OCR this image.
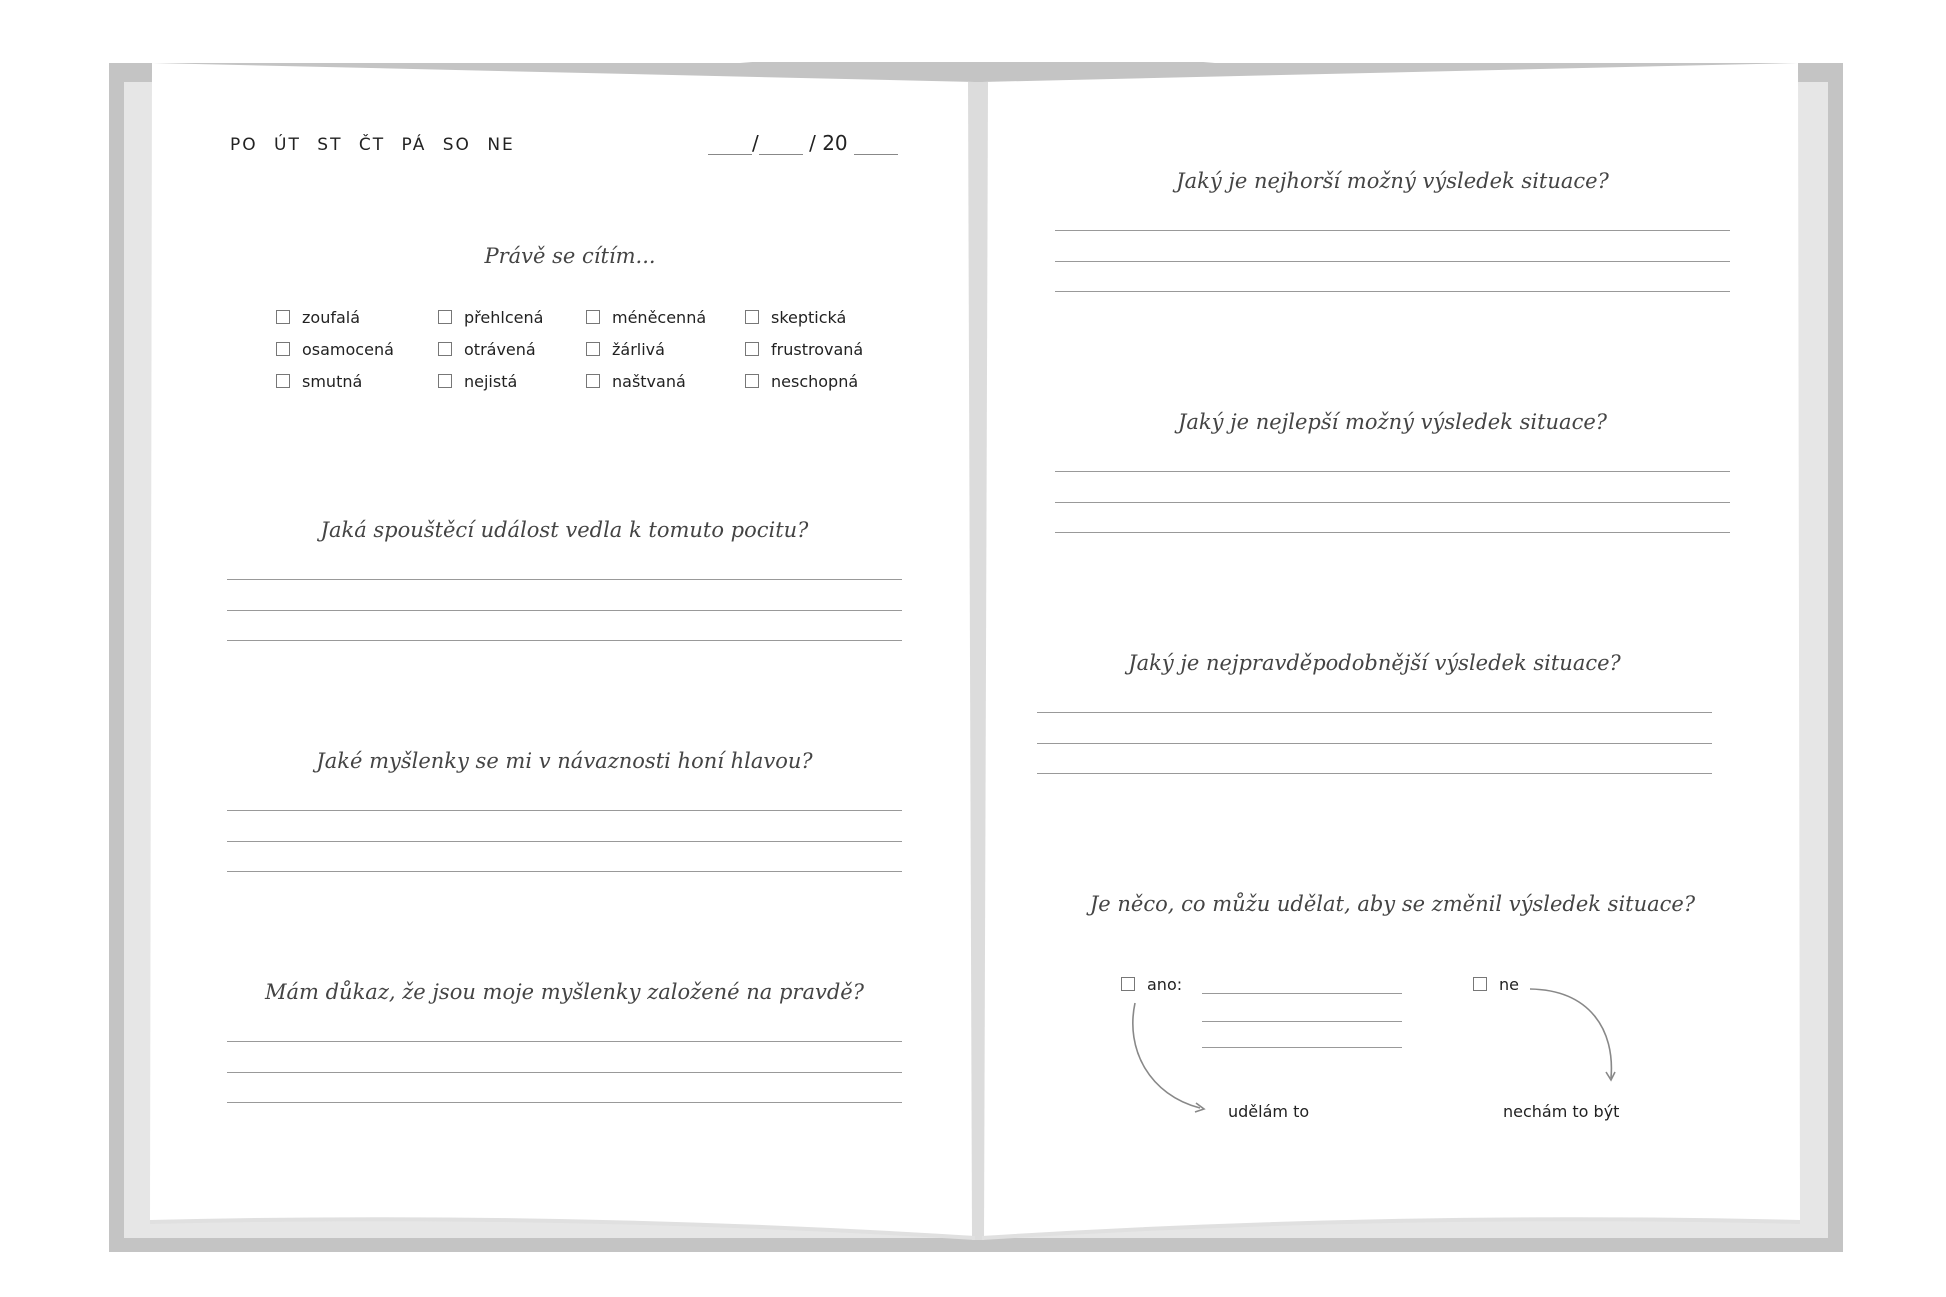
PO ÚT ST ČT PÁ SO NE	/	/ 20
Právě se cítím...
zoufalá	přehlcená	méněcenná	skeptická
osamocená	otrávená	žárlivá	frustrovaná
smutná	nejistá	naštvaná	neschopná
Jaká spouštěcí událost vedla k tomuto pocitu?
Jaké myšlenky se mi v návaznosti honí hlavou?
Mám důkaz, že jsou moje myšlenky založené na pravdě?
Jaký je nejhorší možný výsledek situace?
Jaký je nejlepší možný výsledek situace?
Jaký je nejpravděpodobnější výsledek situace?
Je něco, co můžu udělat, aby se změnil výsledek situace?
ano:	ne
udělám to	nechám to být
